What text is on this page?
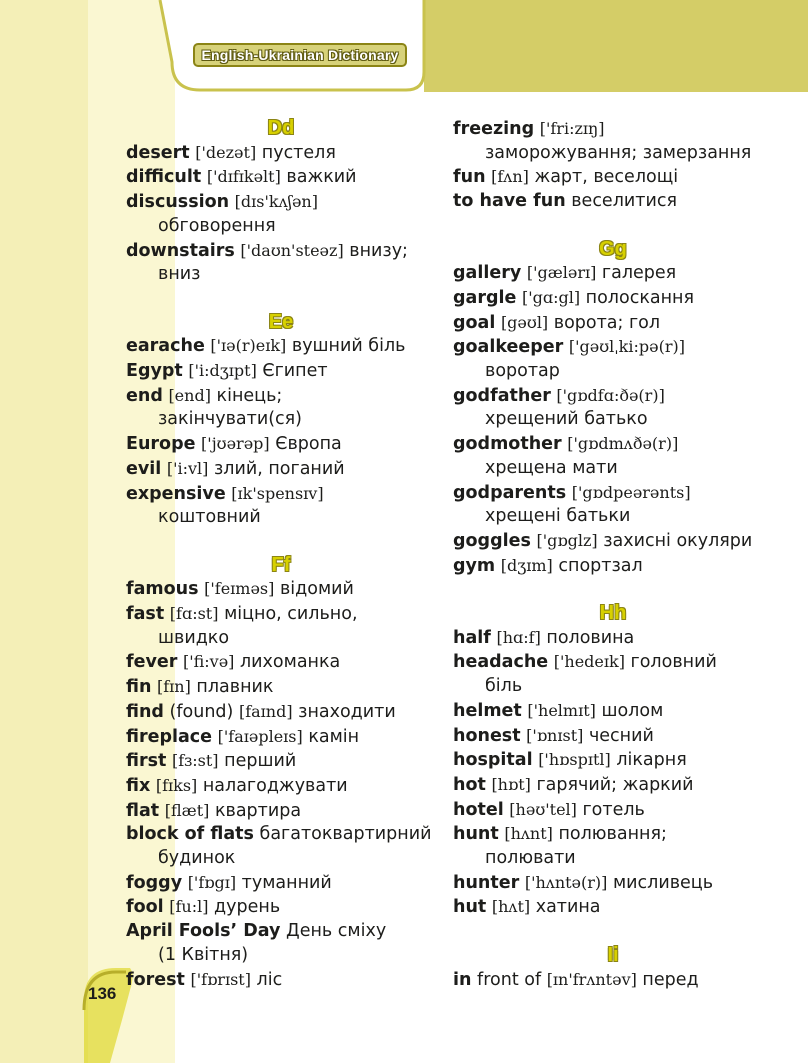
English-Ukrainian Dictionary
Dd
desert ['dezət] пустеля
difficult ['dɪfɪkəlt] важкий
discussion [dɪs'kʌʃən]
обговорення
downstairs ['daʊn'steəz] внизу;
вниз
Ee
earache ['ɪə(r)eɪk] вушний біль
Egypt ['i:dʒɪpt] Єгипет
end [end] кінець;
закінчувати(ся)
Europe ['jʊərəp] Європа
evil ['i:vl] злий, поганий
expensive [ɪk'spensɪv]
коштовний
Ff
famous ['feɪməs] відомий
fast [fɑ:st] міцно, сильно,
швидко
fever ['fi:və] лихоманка
fin [fɪn] плавник
find (found) [faɪnd] знаходити
fireplace ['faɪəpleɪs] камін
first [fɜ:st] перший
fix [fɪks] налагоджувати
flat [flæt] квартира
block of flats багатоквартирний
будинок
foggy ['fɒgɪ] туманний
fool [fu:l] дурень
April Fools’ Day День сміху
(1 Квітня)
forest ['fɒrɪst] ліс
freezing ['fri:zɪŋ]
заморожування; замерзання
fun [fʌn] жарт, веселощі
to have fun веселитися
Gg
gallery ['gælərɪ] галерея
gargle ['gɑ:gl] полоскання
goal [gəʊl] ворота; гол
goalkeeper ['gəʊlˌki:pə(r)]
воротар
godfather ['gɒdfɑ:ðə(r)]
хрещений батько
godmother ['gɒdmʌðə(r)]
хрещена мати
godparents ['gɒdpeərənts]
хрещені батьки
goggles ['gɒglz] захисні окуляри
gym [dʒɪm] спортзал
Hh
half [hɑ:f] половина
headache ['hedeɪk] головний
біль
helmet ['helmɪt] шолом
honest ['ɒnɪst] чесний
hospital ['hɒspɪtl] лікарня
hot [hɒt] гарячий; жаркий
hotel [həʊ'tel] готель
hunt [hʌnt] полювання;
полювати
hunter ['hʌntə(r)] мисливець
hut [hʌt] хатина
Ii
in front of [ɪn'frʌntəv] перед
136
